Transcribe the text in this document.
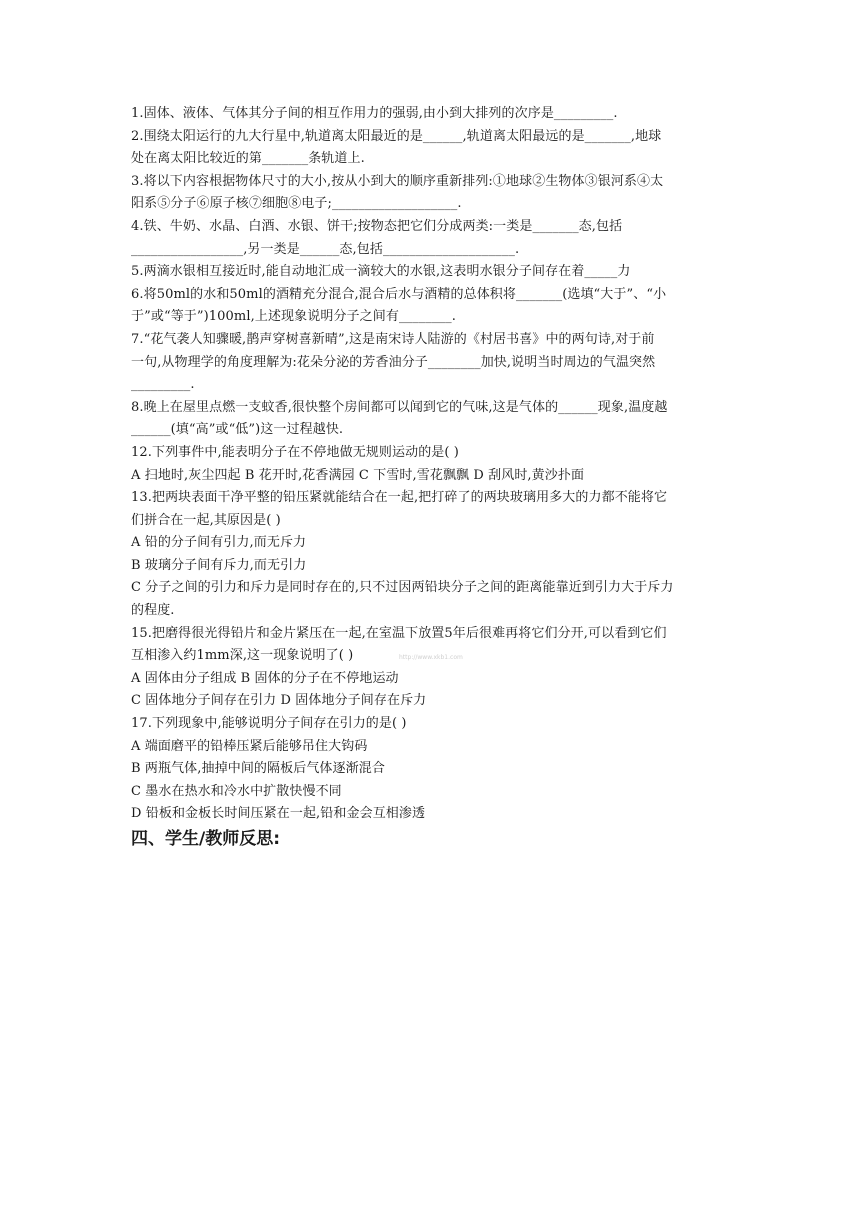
1.固体、液体、气体其分子间的相互作用力的强弱,由小到大排列的次序是_________.
2.围绕太阳运行的九大行星中,轨道离太阳最近的是______,轨道离太阳最远的是_______,地球
处在离太阳比较近的第_______条轨道上.
3.将以下内容根据物体尺寸的大小,按从小到大的顺序重新排列:①地球②生物体③银河系④太
阳系⑤分子⑥原子核⑦细胞⑧电子;___________________.
4.铁、牛奶、水晶、白酒、水银、饼干;按物态把它们分成两类:一类是_______态,包括
_________________,另一类是______态,包括____________________.
5.两滴水银相互接近时,能自动地汇成一滴较大的水银,这表明水银分子间存在着_____力
6.将50ml的水和50ml的酒精充分混合,混合后水与酒精的总体积将_______(选填“大于”、“小
于”或“等于”)100ml,上述现象说明分子之间有________.
7.“花气袭人知骤暖,鹊声穿树喜新晴”,这是南宋诗人陆游的《村居书喜》中的两句诗,对于前
一句,从物理学的角度理解为:花朵分泌的芳香油分子________加快,说明当时周边的气温突然
_________.
8.晚上在屋里点燃一支蚊香,很快整个房间都可以闻到它的气味,这是气体的______现象,温度越
______(填“高”或“低”)这一过程越快.
12.下列事件中,能表明分子在不停地做无规则运动的是( )
A 扫地时,灰尘四起 B 花开时,花香满园 C 下雪时,雪花飘飘 D 刮风时,黄沙扑面
13.把两块表面干净平整的铅压紧就能结合在一起,把打碎了的两块玻璃用多大的力都不能将它
们拼合在一起,其原因是( )
A 铅的分子间有引力,而无斥力
B 玻璃分子间有斥力,而无引力
C 分子之间的引力和斥力是同时存在的,只不过因两铅块分子之间的距离能靠近到引力大于斥力
的程度.
15.把磨得很光得铅片和金片紧压在一起,在室温下放置5年后很难再将它们分开,可以看到它们
互相渗入约1mm深,这一现象说明了( )
A 固体由分子组成 B 固体的分子在不停地运动
C 固体地分子间存在引力 D 固体地分子间存在斥力
17.下列现象中,能够说明分子间存在引力的是( )
A 端面磨平的铅棒压紧后能够吊住大钩码
B 两瓶气体,抽掉中间的隔板后气体逐渐混合
C 墨水在热水和冷水中扩散快慢不同
D 铅板和金板长时间压紧在一起,铅和金会互相渗透
四、学生/教师反思:
http://www.xkb1.com
